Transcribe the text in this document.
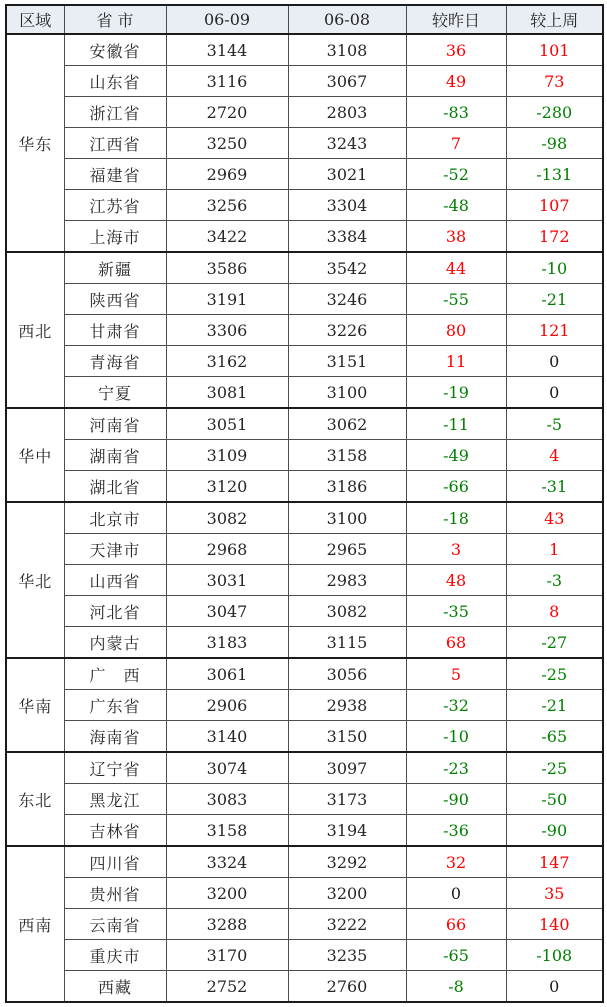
区域	省 市	06-09	06-08	较昨日	较上周
华东	安徽省	3144	3108	36	101
	山东省	3116	3067	49	73
	浙江省	2720	2803	-83	-280
	江西省	3250	3243	7	-98
	福建省	2969	3021	-52	-131
	江苏省	3256	3304	-48	107
	上海市	3422	3384	38	172
西北	新疆	3586	3542	44	-10
	陕西省	3191	3246	-55	-21
	甘肃省	3306	3226	80	121
	青海省	3162	3151	11	0
	宁夏	3081	3100	-19	0
华中	河南省	3051	3062	-11	-5
	湖南省	3109	3158	-49	4
	湖北省	3120	3186	-66	-31
华北	北京市	3082	3100	-18	43
	天津市	2968	2965	3	1
	山西省	3031	2983	48	-3
	河北省	3047	3082	-35	8
	内蒙古	3183	3115	68	-27
华南	广　西	3061	3056	5	-25
	广东省	2906	2938	-32	-21
	海南省	3140	3150	-10	-65
东北	辽宁省	3074	3097	-23	-25
	黑龙江	3083	3173	-90	-50
	吉林省	3158	3194	-36	-90
西南	四川省	3324	3292	32	147
	贵州省	3200	3200	0	35
	云南省	3288	3222	66	140
	重庆市	3170	3235	-65	-108
	西藏	2752	2760	-8	0
